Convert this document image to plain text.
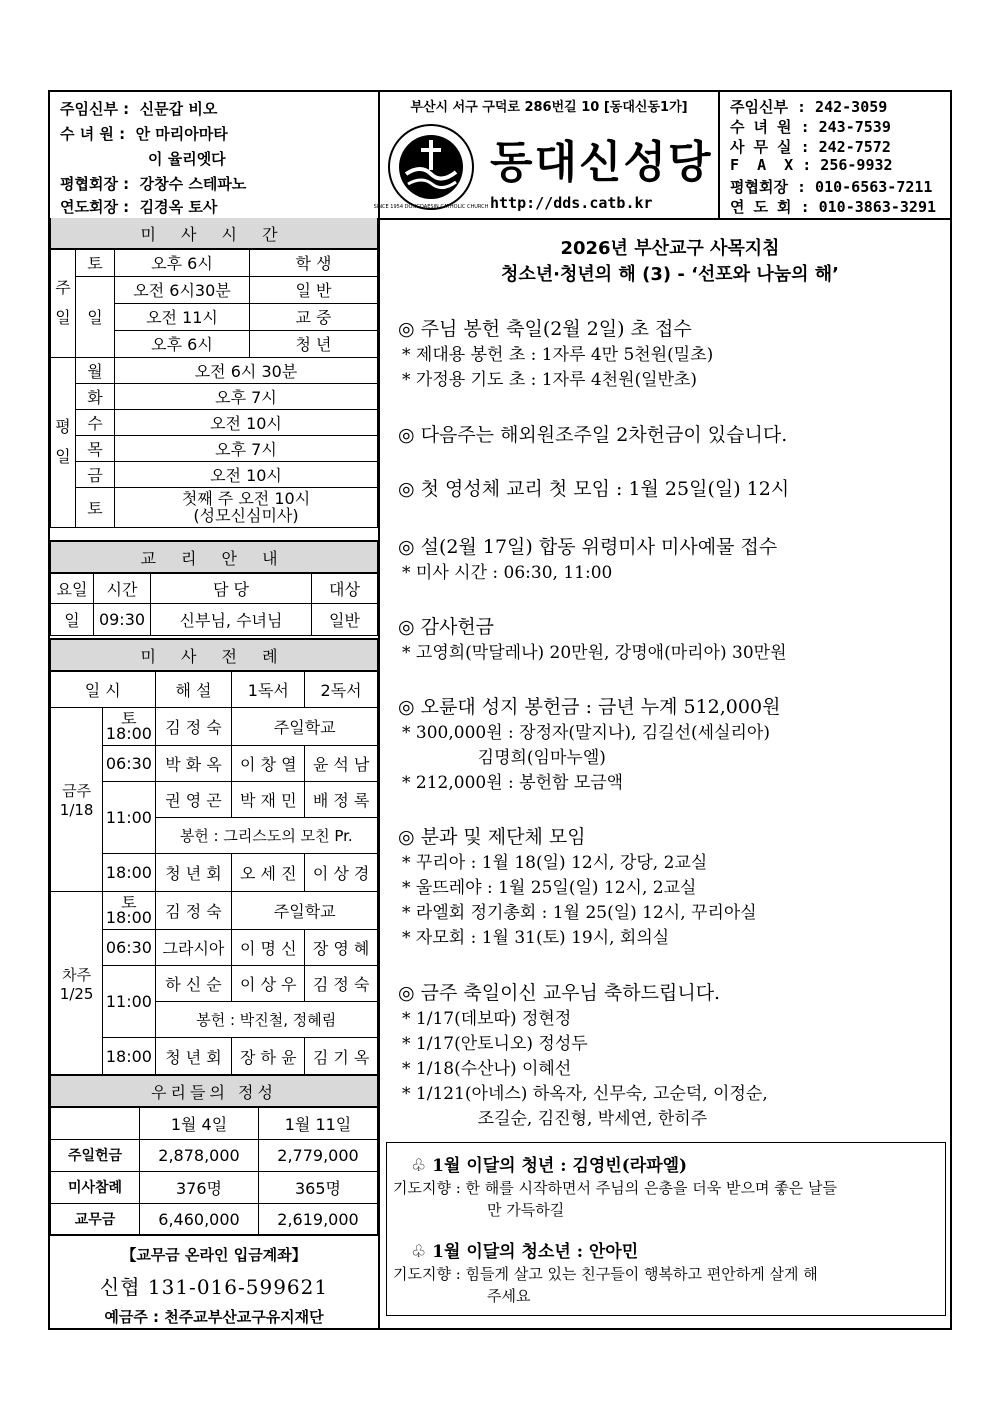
주임신부 : 신문갑 비오
수 녀 원 : 안 마리아마타
이 율리엣다
평협회장 : 강창수 스테파노
연도회장 : 김경옥 토사
부산시 서구 구덕로 286번길 10 [동대신동1가]
SINCE 1954 DONGDAESIN CATHOLIC CHURCH
동대신성당
http://dds.catb.kr
주임신부 : 242-3059
수 녀 원 : 243-7539
사 무 실 : 242-7572
F  A  X : 256-9932
평협회장 : 010-6563-7211
연 도 회 : 010-3863-3291
미 사 시 간			
주
일	토	오후 6시	학 생
	일	오전 6시30분	일 반
		오전 11시	교 중
		오후 6시	청 년
평
일	월	오전 6시 30분	
	화	오후 7시	
	수	오전 10시	
	목	오후 7시	
	금	오전 10시	
	토	첫째 주 오전 10시
(성모신심미사)	
교 리 안 내			
요일	시간	담 당	대상
일	09:30	신부님, 수녀님	일반
미 사 전 례				
일 시		해 설	1독서	2독서
금주
1/18	토
18:00	김 정 숙	주일학교	
	06:30	박 화 옥	이 창 열	윤 석 남
	11:00	권 영 곤	박 재 민	배 정 록
		봉헌 : 그리스도의 모친 Pr.		
	18:00	청 년 회	오 세 진	이 상 경
차주
1/25	토
18:00	김 정 숙	주일학교	
	06:30	그라시아	이 명 신	장 영 혜
	11:00	하 신 순	이 상 우	김 정 숙
		봉헌 : 박진철, 정혜림		
	18:00	청 년 회	장 하 윤	김 기 옥
우리들의 정성		
	1월 4일	1월 11일
주일헌금	2,878,000	2,779,000
미사참례	376명	365명
교무금	6,460,000	2,619,000
【교무금 온라인 입금계좌】
신협 131-016-599621
예금주 : 천주교부산교구유지재단
2026년 부산교구 사목지침
청소년·청년의 해 (3) - ‘선포와 나눔의 해’
◎ 주님 봉헌 축일(2월 2일) 초 접수
* 제대용 봉헌 초 : 1자루 4만 5천원(밀초)
* 가정용 기도 초 : 1자루 4천원(일반초)
◎ 다음주는 해외원조주일 2차헌금이 있습니다.
◎ 첫 영성체 교리 첫 모임 : 1월 25일(일) 12시
◎ 설(2월 17일) 합동 위령미사 미사예물 접수
* 미사 시간 : 06:30, 11:00
◎ 감사헌금
* 고영희(막달레나) 20만원, 강명애(마리아) 30만원
◎ 오륜대 성지 봉헌금 : 금년 누계 512,000원
* 300,000원 : 장정자(말지나), 김길선(세실리아)
김명희(임마누엘)
* 212,000원 : 봉헌함 모금액
◎ 분과 및 제단체 모임
* 꾸리아 : 1월 18(일) 12시, 강당, 2교실
* 울뜨레야 : 1월 25일(일) 12시, 2교실
* 라엘회 정기총회 : 1월 25(일) 12시, 꾸리아실
* 자모회 : 1월 31(토) 19시, 회의실
◎ 금주 축일이신 교우님 축하드립니다.
* 1/17(데보따) 정현정
* 1/17(안토니오) 정성두
* 1/18(수산나) 이혜선
* 1/121(아네스) 하옥자, 신무숙, 고순덕, 이정순,
조길순, 김진형, 박세연, 한히주
♧ 1월 이달의 청년 : 김영빈(라파엘)
기도지향 : 한 해를 시작하면서 주님의 은총을 더욱 받으며 좋은 날들
만 가득하길
♧ 1월 이달의 청소년 : 안아민
기도지향 : 힘들게 살고 있는 친구들이 행복하고 편안하게 살게 해
주세요
